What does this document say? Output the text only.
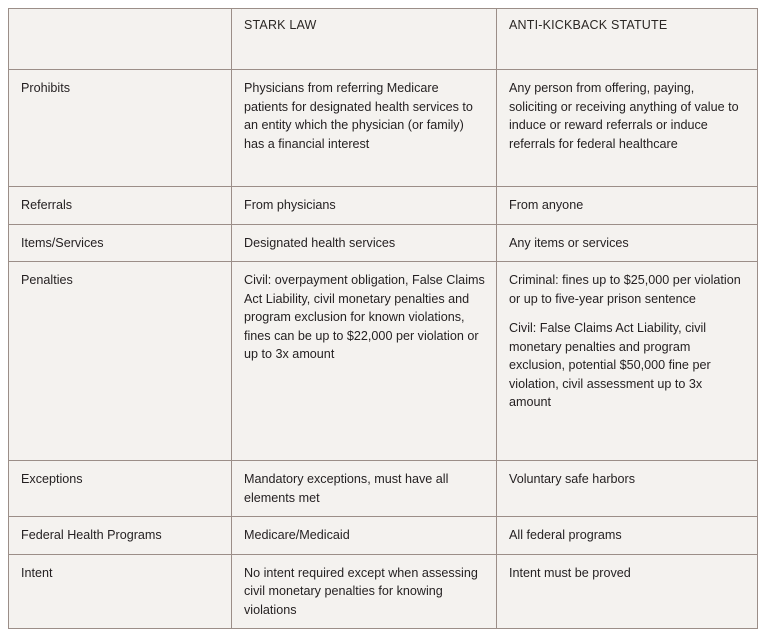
	STARK LAW	ANTI-KICKBACK STATUTE
Prohibits	Physicians from referring Medicare patients for designated health services to an entity which the physician (or family) has a financial interest	Any person from offering, paying, soliciting or receiving anything of value to induce or reward referrals or induce referrals for federal healthcare
Referrals	From physicians	From anyone
Items/Services	Designated health services	Any items or services
Penalties	Civil: overpayment obligation, False Claims Act Liability, civil monetary penalties and program exclusion for known violations, fines can be up to $22,000 per violation or up to 3x amount	Criminal: fines up to $25,000 per violation or up to five-year prison sentence

Civil: False Claims Act Liability, civil monetary penalties and program exclusion, potential $50,000 fine per violation, civil assessment up to 3x amount

Exceptions	Mandatory exceptions, must have all elements met	Voluntary safe harbors
Federal Health Programs	Medicare/Medicaid	All federal programs
Intent	No intent required except when assessing civil monetary penalties for knowing violations	Intent must be proved
